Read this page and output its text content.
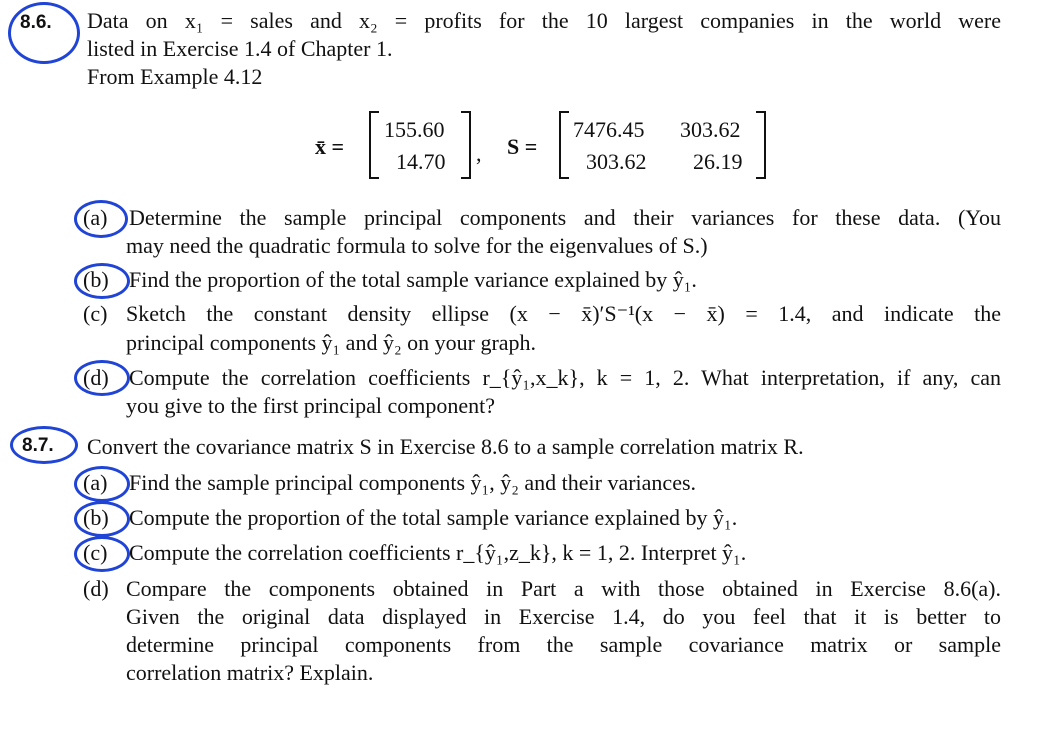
8.6. Data on x₁ = sales and x₂ = profits for the 10 largest companies in the world were
listed in Exercise 1.4 of Chapter 1.
From Example 4.12
x̄ =
155.60
14.70 , S =
7476.45 303.62
303.62 26.19
(a) Determine the sample principal components and their variances for these data. (You
may need the quadratic formula to solve for the eigenvalues of S.)
(b) Find the proportion of the total sample variance explained by ŷ₁.
(c) Sketch the constant density ellipse (x − x̄)′S⁻¹(x − x̄) = 1.4, and indicate the
principal components ŷ₁ and ŷ₂ on your graph.
(d) Compute the correlation coefficients r_{ŷ₁,x_k}, k = 1, 2. What interpretation, if any, can
you give to the first principal component?
8.7. Convert the covariance matrix S in Exercise 8.6 to a sample correlation matrix R.
(a) Find the sample principal components ŷ₁, ŷ₂ and their variances.
(b) Compute the proportion of the total sample variance explained by ŷ₁.
(c) Compute the correlation coefficients r_{ŷ₁,z_k}, k = 1, 2. Interpret ŷ₁.
(d) Compare the components obtained in Part a with those obtained in Exercise 8.6(a).
Given the original data displayed in Exercise 1.4, do you feel that it is better to
determine principal components from the sample covariance matrix or sample
correlation matrix? Explain.
